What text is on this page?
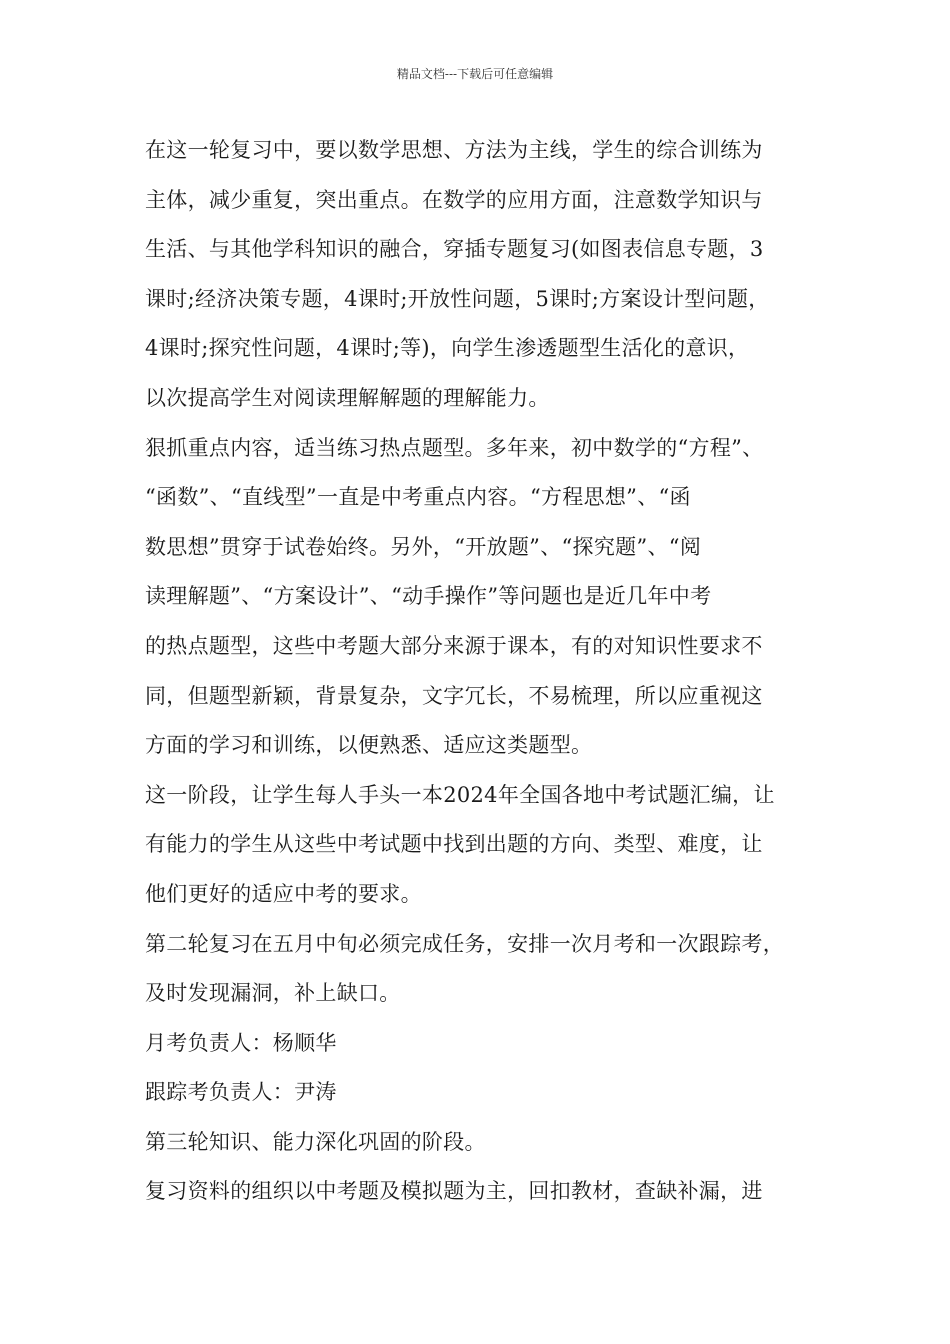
精品文档---下载后可任意编辑
在这一轮复习中，要以数学思想、方法为主线，学生的综合训练为
主体，减少重复，突出重点。在数学的应用方面，注意数学知识与
生活、与其他学科知识的融合，穿插专题复习(如图表信息专题，3
课时;经济决策专题，4课时;开放性问题，5课时;方案设计型问题，
4课时;探究性问题，4课时;等)，向学生渗透题型生活化的意识，
以次提高学生对阅读理解解题的理解能力。
狠抓重点内容，适当练习热点题型。多年来，初中数学的“方程”、
“函数”、“直线型”一直是中考重点内容。“方程思想”、“函
数思想”贯穿于试卷始终。另外，“开放题”、“探究题”、“阅
读理解题”、“方案设计”、“动手操作”等问题也是近几年中考
的热点题型，这些中考题大部分来源于课本，有的对知识性要求不
同，但题型新颖，背景复杂，文字冗长，不易梳理，所以应重视这
方面的学习和训练，以便熟悉、适应这类题型。
这一阶段，让学生每人手头一本2024年全国各地中考试题汇编，让
有能力的学生从这些中考试题中找到出题的方向、类型、难度，让
他们更好的适应中考的要求。
第二轮复习在五月中旬必须完成任务，安排一次月考和一次跟踪考，
及时发现漏洞，补上缺口。
月考负责人：杨顺华
跟踪考负责人：尹涛
第三轮知识、能力深化巩固的阶段。
复习资料的组织以中考题及模拟题为主，回扣教材，查缺补漏，进
